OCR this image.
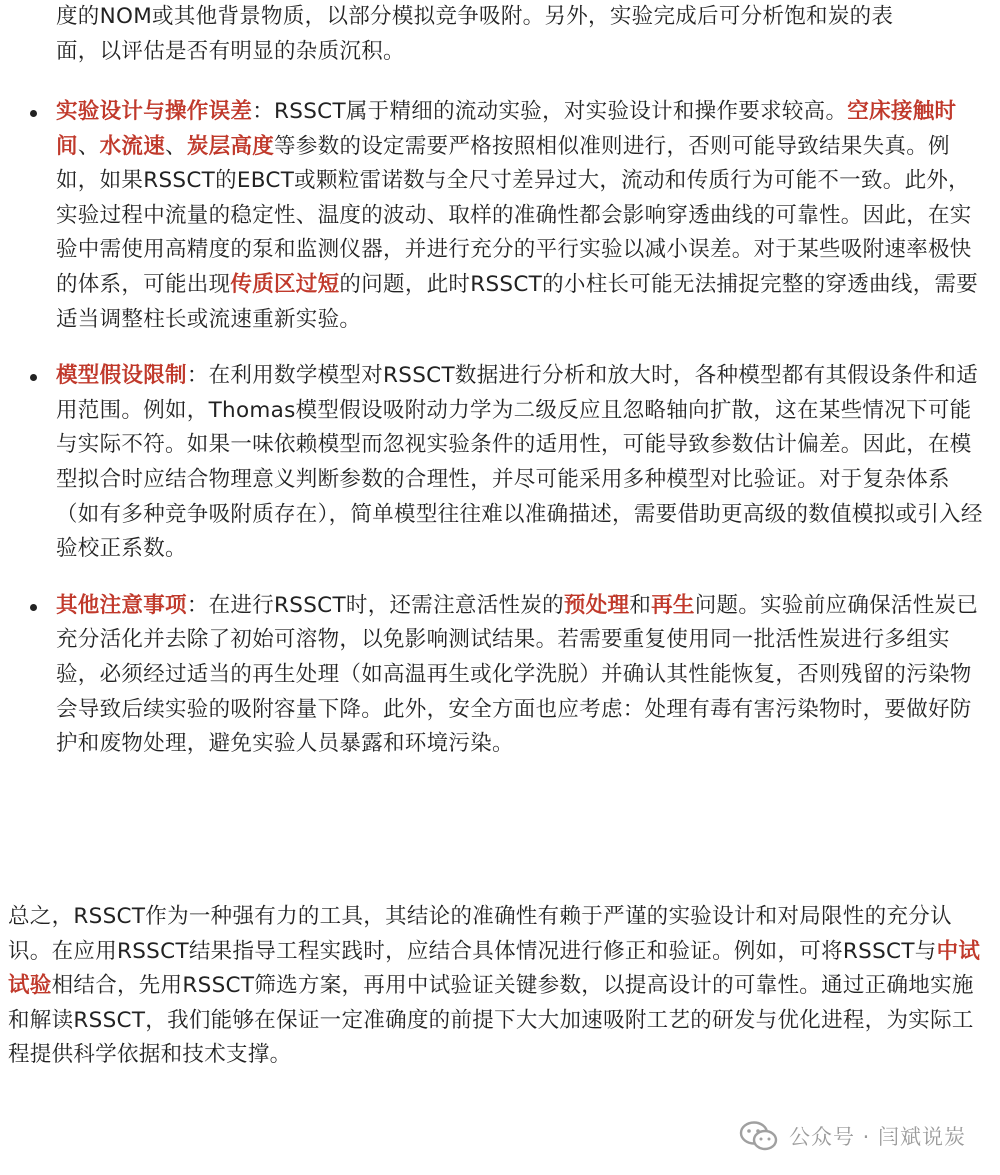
度的NOM或其他背景物质，以部分模拟竞争吸附。另外，实验完成后可分析饱和炭的表
面，以评估是否有明显的杂质沉积。
实验设计与操作误差：RSSCT属于精细的流动实验，对实验设计和操作要求较高。空床接触时间、水流速、炭层高度等参数的设定需要严格按照相似准则进行，否则可能导致结果失真。例如，如果RSSCT的EBCT或颗粒雷诺数与全尺寸差异过大，流动和传质行为可能不一致。此外，实验过程中流量的稳定性、温度的波动、取样的准确性都会影响穿透曲线的可靠性。因此，在实验中需使用高精度的泵和监测仪器，并进行充分的平行实验以减小误差。对于某些吸附速率极快的体系，可能出现传质区过短的问题，此时RSSCT的小柱长可能无法捕捉完整的穿透曲线，需要适当调整柱长或流速重新实验。
模型假设限制：在利用数学模型对RSSCT数据进行分析和放大时，各种模型都有其假设条件和适用范围。例如，Thomas模型假设吸附动力学为二级反应且忽略轴向扩散，这在某些情况下可能与实际不符。如果一味依赖模型而忽视实验条件的适用性，可能导致参数估计偏差。因此，在模型拟合时应结合物理意义判断参数的合理性，并尽可能采用多种模型对比验证。对于复杂体系（如有多种竞争吸附质存在），简单模型往往难以准确描述，需要借助更高级的数值模拟或引入经验校正系数。
其他注意事项：在进行RSSCT时，还需注意活性炭的预处理和再生问题。实验前应确保活性炭已充分活化并去除了初始可溶物，以免影响测试结果。若需要重复使用同一批活性炭进行多组实验，必须经过适当的再生处理（如高温再生或化学洗脱）并确认其性能恢复，否则残留的污染物会导致后续实验的吸附容量下降。此外，安全方面也应考虑：处理有毒有害污染物时，要做好防护和废物处理，避免实验人员暴露和环境污染。

总之，RSSCT作为一种强有力的工具，其结论的准确性有赖于严谨的实验设计和对局限性的充分认识。在应用RSSCT结果指导工程实践时，应结合具体情况进行修正和验证。例如，可将RSSCT与中试试验相结合，先用RSSCT筛选方案，再用中试验证关键参数，以提高设计的可靠性。通过正确地实施和解读RSSCT，我们能够在保证一定准确度的前提下大大加速吸附工艺的研发与优化进程，为实际工程提供科学依据和技术支撑。

公众号 · 闫斌说炭
